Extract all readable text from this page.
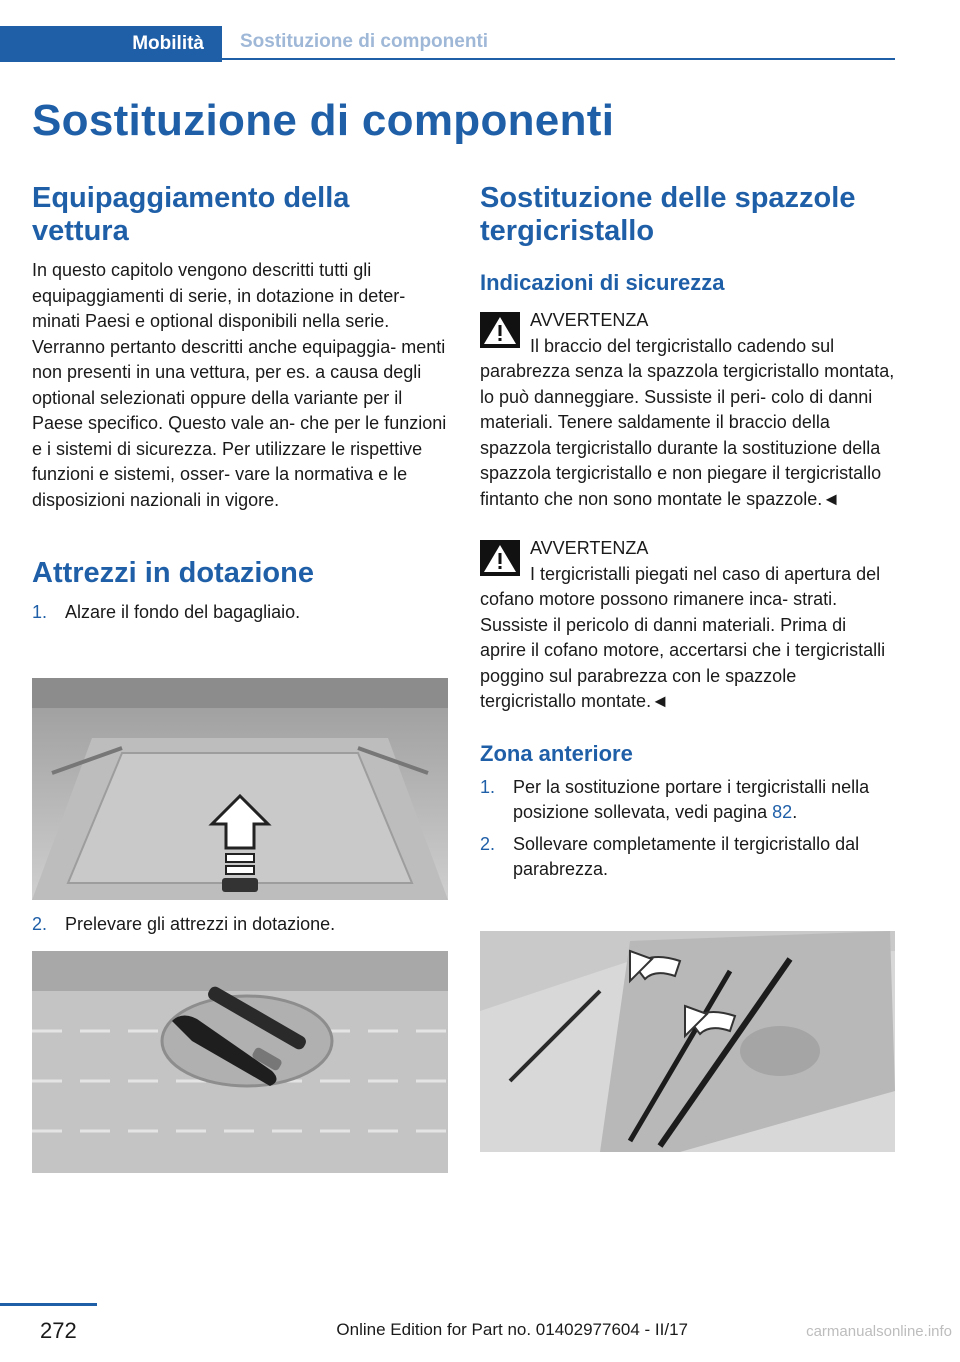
Mobilità	Sostituzione di componenti
Sostituzione di componenti
Equipaggiamento della vettura

In questo capitolo vengono descritti tutti gli equipaggiamenti di serie, in dotazione in deter- minati Paesi e optional disponibili nella serie. Verranno pertanto descritti anche equipaggia- menti non presenti in una vettura, per es. a causa degli optional selezionati oppure della variante per il Paese specifico. Questo vale an- che per le funzioni e i sistemi di sicurezza. Per utilizzare le rispettive funzioni e sistemi, osser- vare la normativa e le disposizioni nazionali in vigore.

Attrezzi in dotazione
1. Alzare il fondo del bagagliaio.
2. Prelevare gli attrezzi in dotazione.
Sostituzione delle spazzole tergicristallo
Indicazioni di sicurezza
AVVERTENZA
Il braccio del tergicristallo cadendo sul parabrezza senza la spazzola tergicristallo montata, lo può danneggiare. Sussiste il peri- colo di danni materiali. Tenere saldamente il braccio della spazzola tergicristallo durante la sostituzione della spazzola tergicristallo e non piegare il tergicristallo fintanto che non sono montate le spazzole.◄
AVVERTENZA
I tergicristalli piegati nel caso di apertura del cofano motore possono rimanere inca- strati. Sussiste il pericolo di danni materiali. Prima di aprire il cofano motore, accertarsi che i tergicristalli poggino sul parabrezza con le spazzole tergicristallo montate.◄
Zona anteriore
1. Per la sostituzione portare i tergicristalli nella posizione sollevata, vedi pagina 82.
2. Sollevare completamente il tergicristallo dal parabrezza.
272	Online Edition for Part no. 01402977604 - II/17	carmanualsonline.info
